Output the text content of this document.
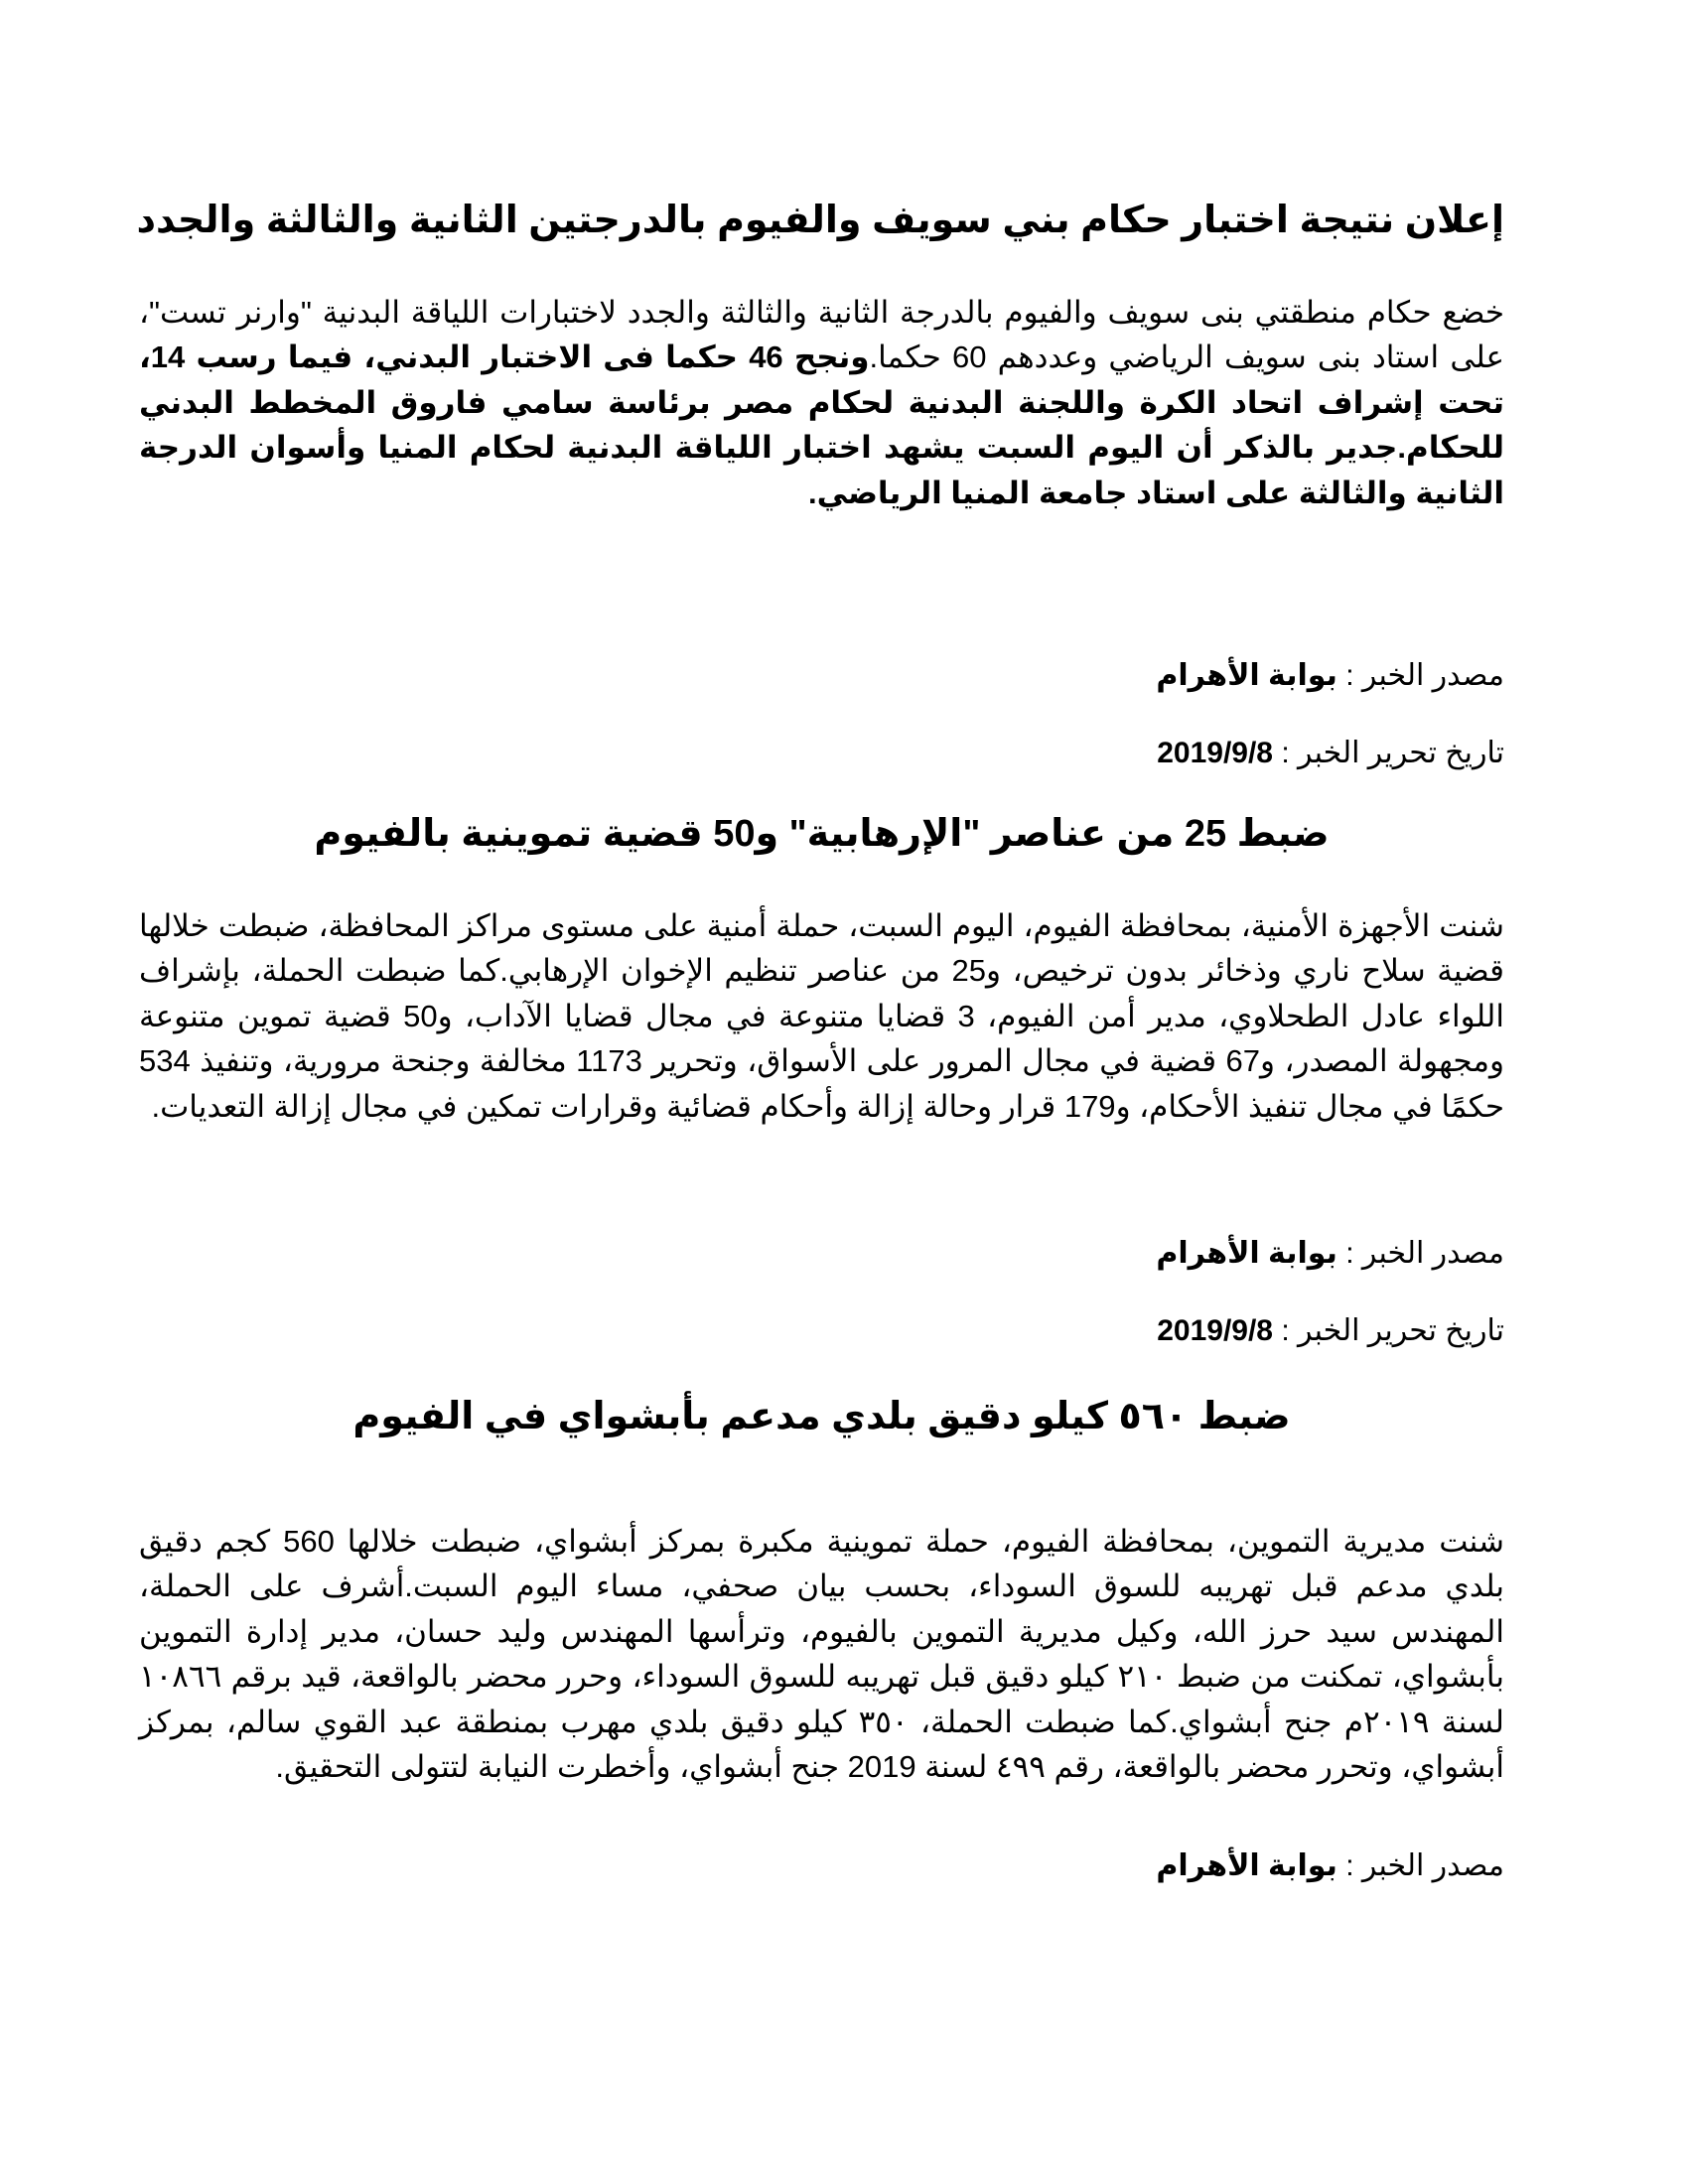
إعلان نتيجة اختبار حكام بني سويف والفيوم بالدرجتين الثانية والثالثة والجدد

خضع حكام منطقتي بنى سويف والفيوم بالدرجة الثانية والثالثة والجدد لاختبارات اللياقة البدنية "وارنر تست"، على استاد بنى سويف الرياضي وعددهم 60 حكما.ونجح 46 حكما فى الاختبار البدني، فيما رسب 14، تحت إشراف اتحاد الكرة واللجنة البدنية لحكام مصر برئاسة سامي فاروق المخطط البدني للحكام.جدير بالذكر أن اليوم السبت يشهد اختبار اللياقة البدنية لحكام المنيا وأسوان الدرجة الثانية والثالثة على استاد جامعة المنيا الرياضي.

مصدر الخبر : بوابة الأهرام

تاريخ تحرير الخبر : 2019/9/8

ضبط 25 من عناصر "الإرهابية" و50 قضية تموينية بالفيوم

شنت الأجهزة الأمنية، بمحافظة الفيوم، اليوم السبت، حملة أمنية على مستوى مراكز المحافظة، ضبطت خلالها قضية سلاح ناري وذخائر بدون ترخيص، و25 من عناصر تنظيم الإخوان الإرهابي.كما ضبطت الحملة، بإشراف اللواء عادل الطحلاوي، مدير أمن الفيوم، 3 قضايا متنوعة في مجال قضايا الآداب، و50 قضية تموين متنوعة ومجهولة المصدر، و67 قضية في مجال المرور على الأسواق، وتحرير 1173 مخالفة وجنحة مرورية، وتنفيذ 534 حكمًا في مجال تنفيذ الأحكام، و179 قرار وحالة إزالة وأحكام قضائية وقرارات تمكين في مجال إزالة التعديات.

مصدر الخبر : بوابة الأهرام

تاريخ تحرير الخبر : 2019/9/8

ضبط ٥٦٠ كيلو دقيق بلدي مدعم بأبشواي في الفيوم

شنت مديرية التموين، بمحافظة الفيوم، حملة تموينية مكبرة بمركز أبشواي، ضبطت خلالها 560 كجم دقيق بلدي مدعم قبل تهريبه للسوق السوداء، بحسب بيان صحفي، مساء اليوم السبت.أشرف على الحملة، المهندس سيد حرز الله، وكيل مديرية التموين بالفيوم، وترأسها المهندس وليد حسان، مدير إدارة التموين بأبشواي، تمكنت من ضبط ٢١٠ كيلو دقيق قبل تهريبه للسوق السوداء، وحرر محضر بالواقعة، قيد برقم ١٠٨٦٦ لسنة ٢٠١٩م جنح أبشواي.كما ضبطت الحملة، ٣٥٠ كيلو دقيق بلدي مهرب بمنطقة عبد القوي سالم، بمركز أبشواي، وتحرر محضر بالواقعة، رقم ٤٩٩ لسنة 2019 جنح أبشواي، وأخطرت النيابة لتتولى التحقيق.

مصدر الخبر : بوابة الأهرام
